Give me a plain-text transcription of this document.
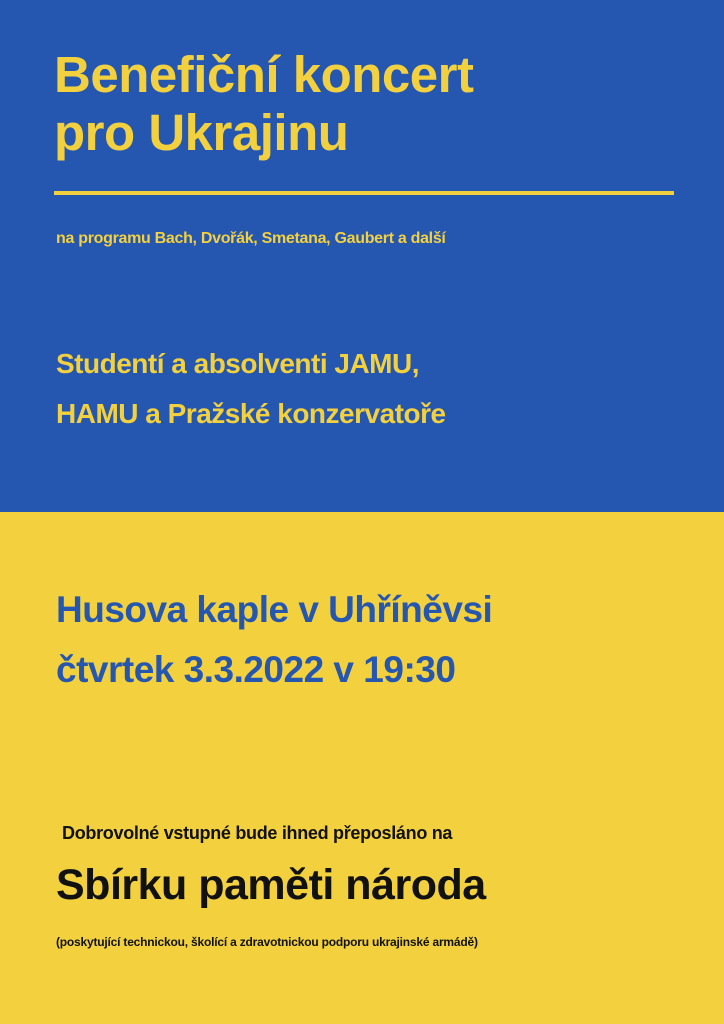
Benefiční koncert
pro Ukrajinu
na programu Bach, Dvořák, Smetana, Gaubert a další
Studentí a absolventi JAMU,
HAMU a Pražské konzervatoře
Husova kaple v Uhříněvsi
čtvrtek 3.3.2022 v 19:30
Dobrovolné vstupné bude ihned přeposláno na
Sbírku paměti národa
(poskytující technickou, školící a zdravotnickou podporu ukrajinské armádě)
